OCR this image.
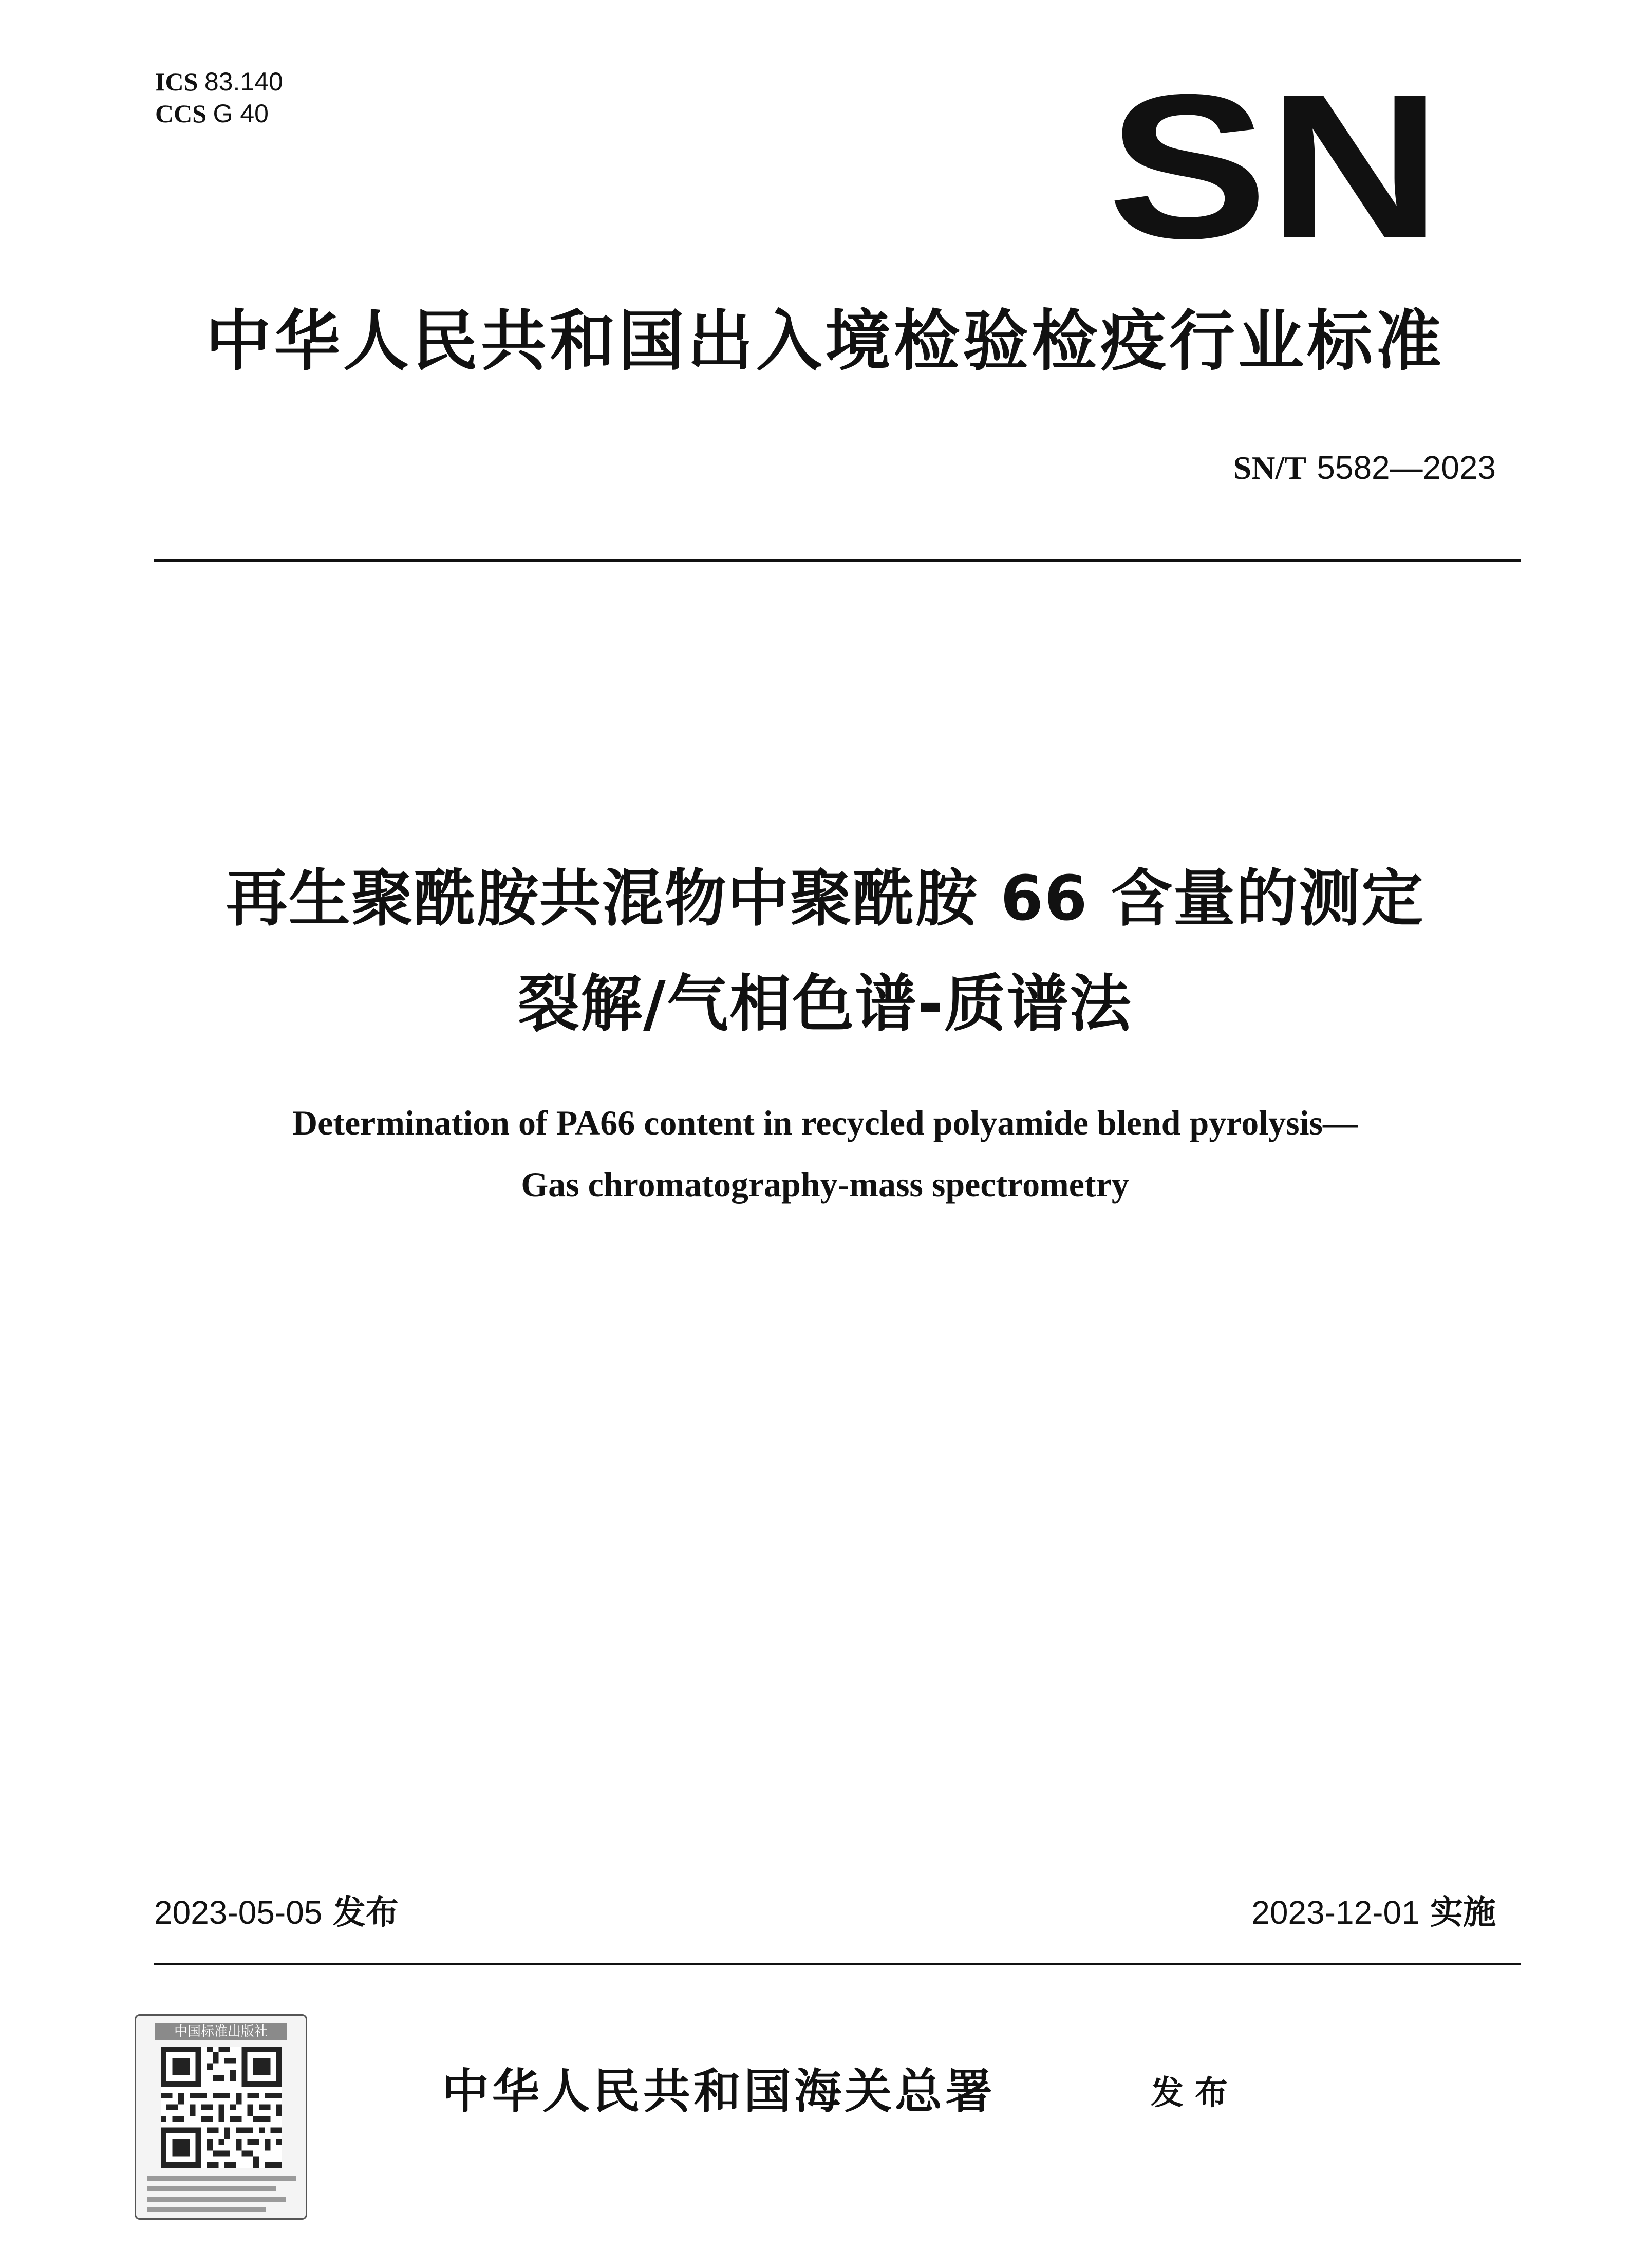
ICS 83.140
CCS G 40	SN
中华人民共和国出入境检验检疫行业标准
SN/T 5582—2023
再生聚酰胺共混物中聚酰胺 66 含量的测定
裂解/气相色谱-质谱法
Determination of PA66 content in recycled polyamide blend pyrolysis—
Gas chromatography-mass spectrometry
2023-05-05 发布	2023-12-01 实施
中国标准出版社
中华人民共和国海关总署	发布
